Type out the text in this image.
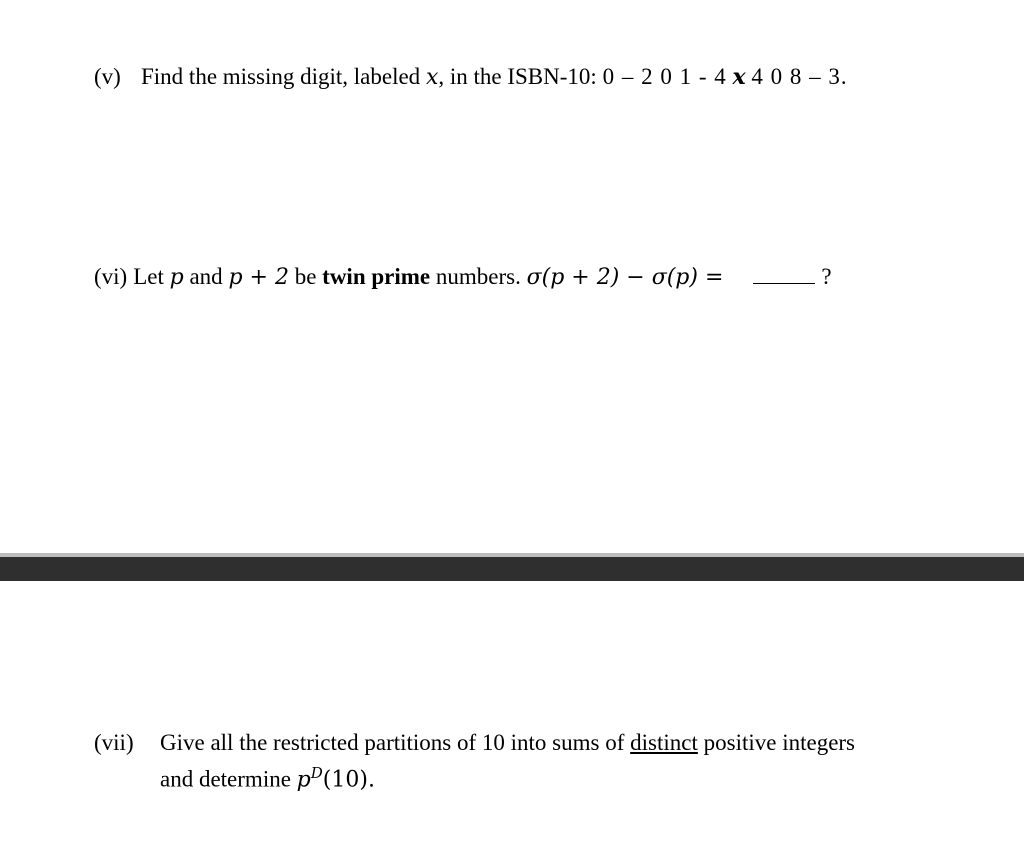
(v) Find the missing digit, labeled x, in the ISBN-10: 0 – 2 0 1 - 4 x 4 0 8 – 3.
(vi) Let p and p + 2 be twin prime numbers. σ(p + 2) − σ(p) =	?
(vii) Give all the restricted partitions of 10 into sums of distinct positive integers
and determine $p^D(10)$.
